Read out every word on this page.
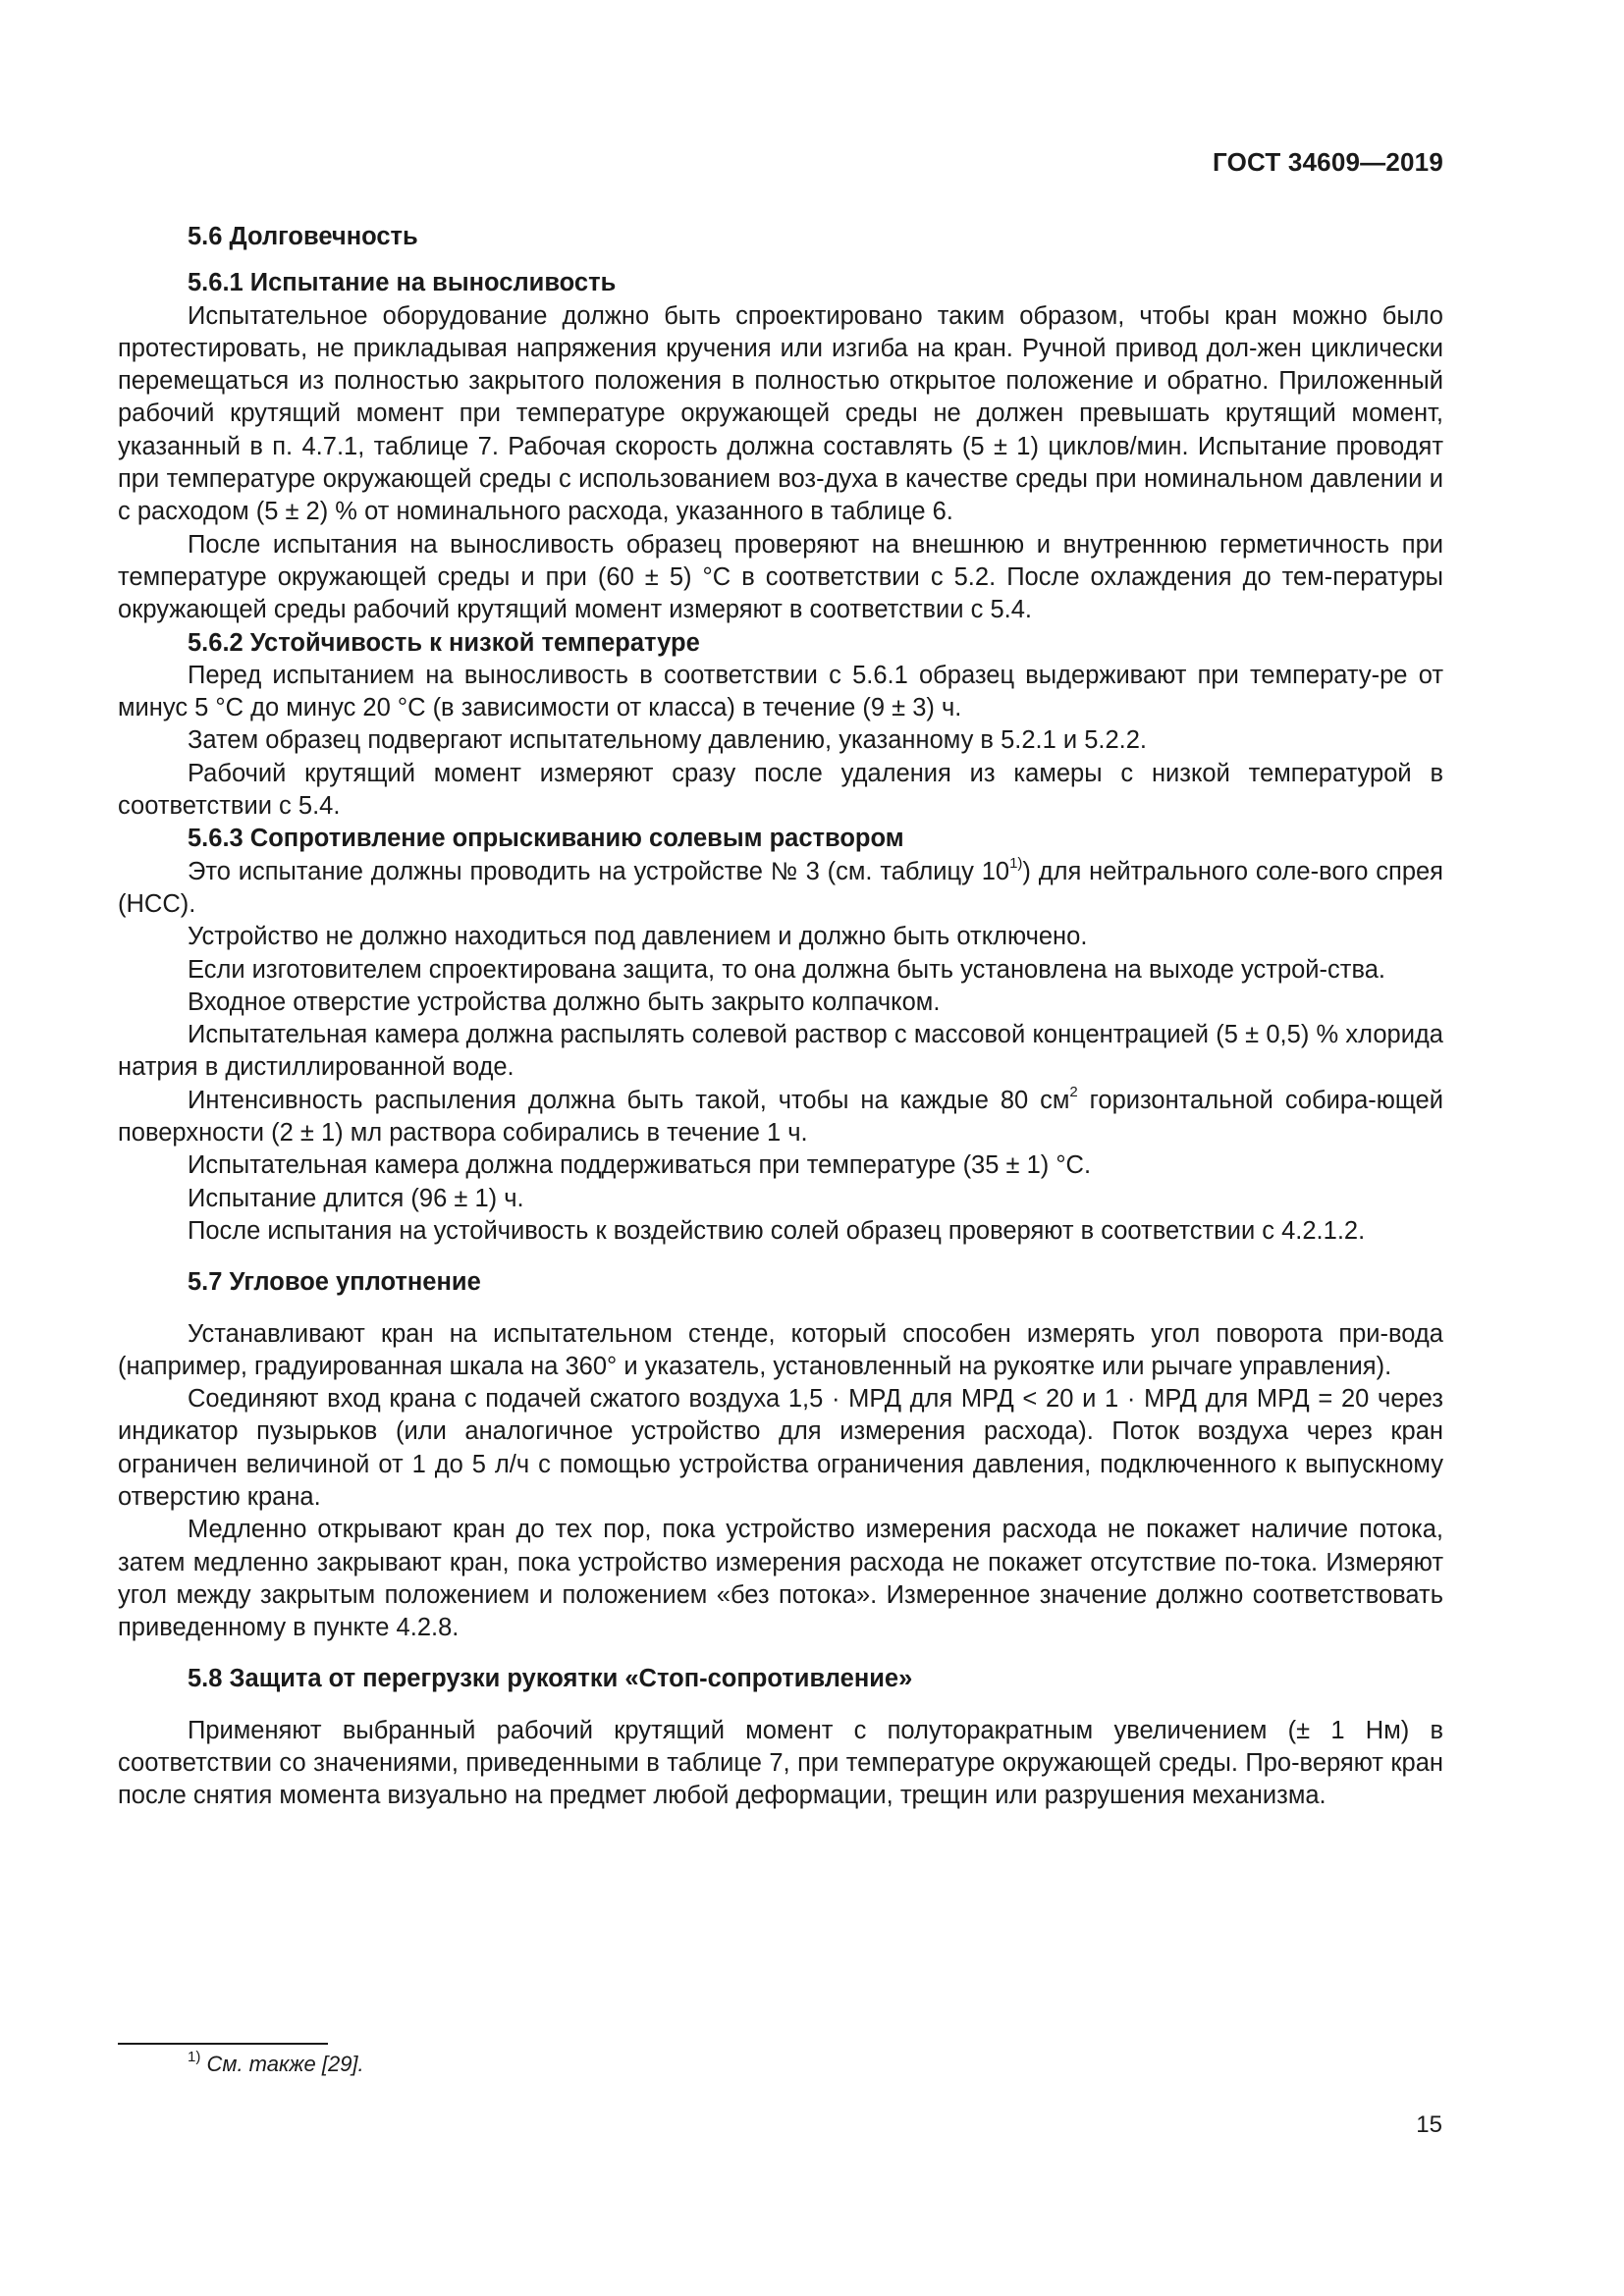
ГОСТ 34609—2019

5.6 Долговечность

5.6.1 Испытание на выносливость

Испытательное оборудование должно быть спроектировано таким образом, чтобы кран можно было протестировать, не прикладывая напряжения кручения или изгиба на кран. Ручной привод дол-жен циклически перемещаться из полностью закрытого положения в полностью открытое положение и обратно. Приложенный рабочий крутящий момент при температуре окружающей среды не должен превышать крутящий момент, указанный в п. 4.7.1, таблице 7. Рабочая скорость должна составлять (5 ± 1) циклов/мин. Испытание проводят при температуре окружающей среды с использованием воз-духа в качестве среды при номинальном давлении и с расходом (5 ± 2) % от номинального расхода, указанного в таблице 6.

После испытания на выносливость образец проверяют на внешнюю и внутреннюю герметичность при температуре окружающей среды и при (60 ± 5) °С в соответствии с 5.2. После охлаждения до тем-пературы окружающей среды рабочий крутящий момент измеряют в соответствии с 5.4.

5.6.2 Устойчивость к низкой температуре

Перед испытанием на выносливость в соответствии с 5.6.1 образец выдерживают при температу-ре от минус 5 °С до минус 20 °С (в зависимости от класса) в течение (9 ± 3) ч.

Затем образец подвергают испытательному давлению, указанному в 5.2.1 и 5.2.2.

Рабочий крутящий момент измеряют сразу после удаления из камеры с низкой температурой в соответствии с 5.4.

5.6.3 Сопротивление опрыскиванию солевым раствором

Это испытание должны проводить на устройстве № 3 (см. таблицу 10$^{1)}$) для нейтрального соле-вого спрея (НСС).

Устройство не должно находиться под давлением и должно быть отключено.

Если изготовителем спроектирована защита, то она должна быть установлена на выходе устрой-ства.

Входное отверстие устройства должно быть закрыто колпачком.

Испытательная камера должна распылять солевой раствор с массовой концентрацией (5 ± 0,5) % хлорида натрия в дистиллированной воде.

Интенсивность распыления должна быть такой, чтобы на каждые 80 $см^2$ горизонтальной собира-ющей поверхности (2 ± 1) мл раствора собирались в течение 1 ч.

Испытательная камера должна поддерживаться при температуре (35 ± 1) °С.

Испытание длится (96 ± 1) ч.

После испытания на устойчивость к воздействию солей образец проверяют в соответствии с 4.2.1.2.

5.7 Угловое уплотнение

Устанавливают кран на испытательном стенде, который способен измерять угол поворота при-вода (например, градуированная шкала на 360° и указатель, установленный на рукоятке или рычаге управления).

Соединяют вход крана с подачей сжатого воздуха 1,5 · МРД для МРД < 20 и 1 · МРД для МРД = 20 через индикатор пузырьков (или аналогичное устройство для измерения расхода). Поток воздуха через кран ограничен величиной от 1 до 5 л/ч с помощью устройства ограничения давления, подключенного к выпускному отверстию крана.

Медленно открывают кран до тех пор, пока устройство измерения расхода не покажет наличие потока, затем медленно закрывают кран, пока устройство измерения расхода не покажет отсутствие по-тока. Измеряют угол между закрытым положением и положением «без потока». Измеренное значение должно соответствовать приведенному в пункте 4.2.8.

5.8 Защита от перегрузки рукоятки «Стоп-сопротивление»

Применяют выбранный рабочий крутящий момент с полуторакратным увеличением (± 1 Нм) в соответствии со значениями, приведенными в таблице 7, при температуре окружающей среды. Про-веряют кран после снятия момента визуально на предмет любой деформации, трещин или разрушения механизма.

$^{1)}$ См. также [29].
15
